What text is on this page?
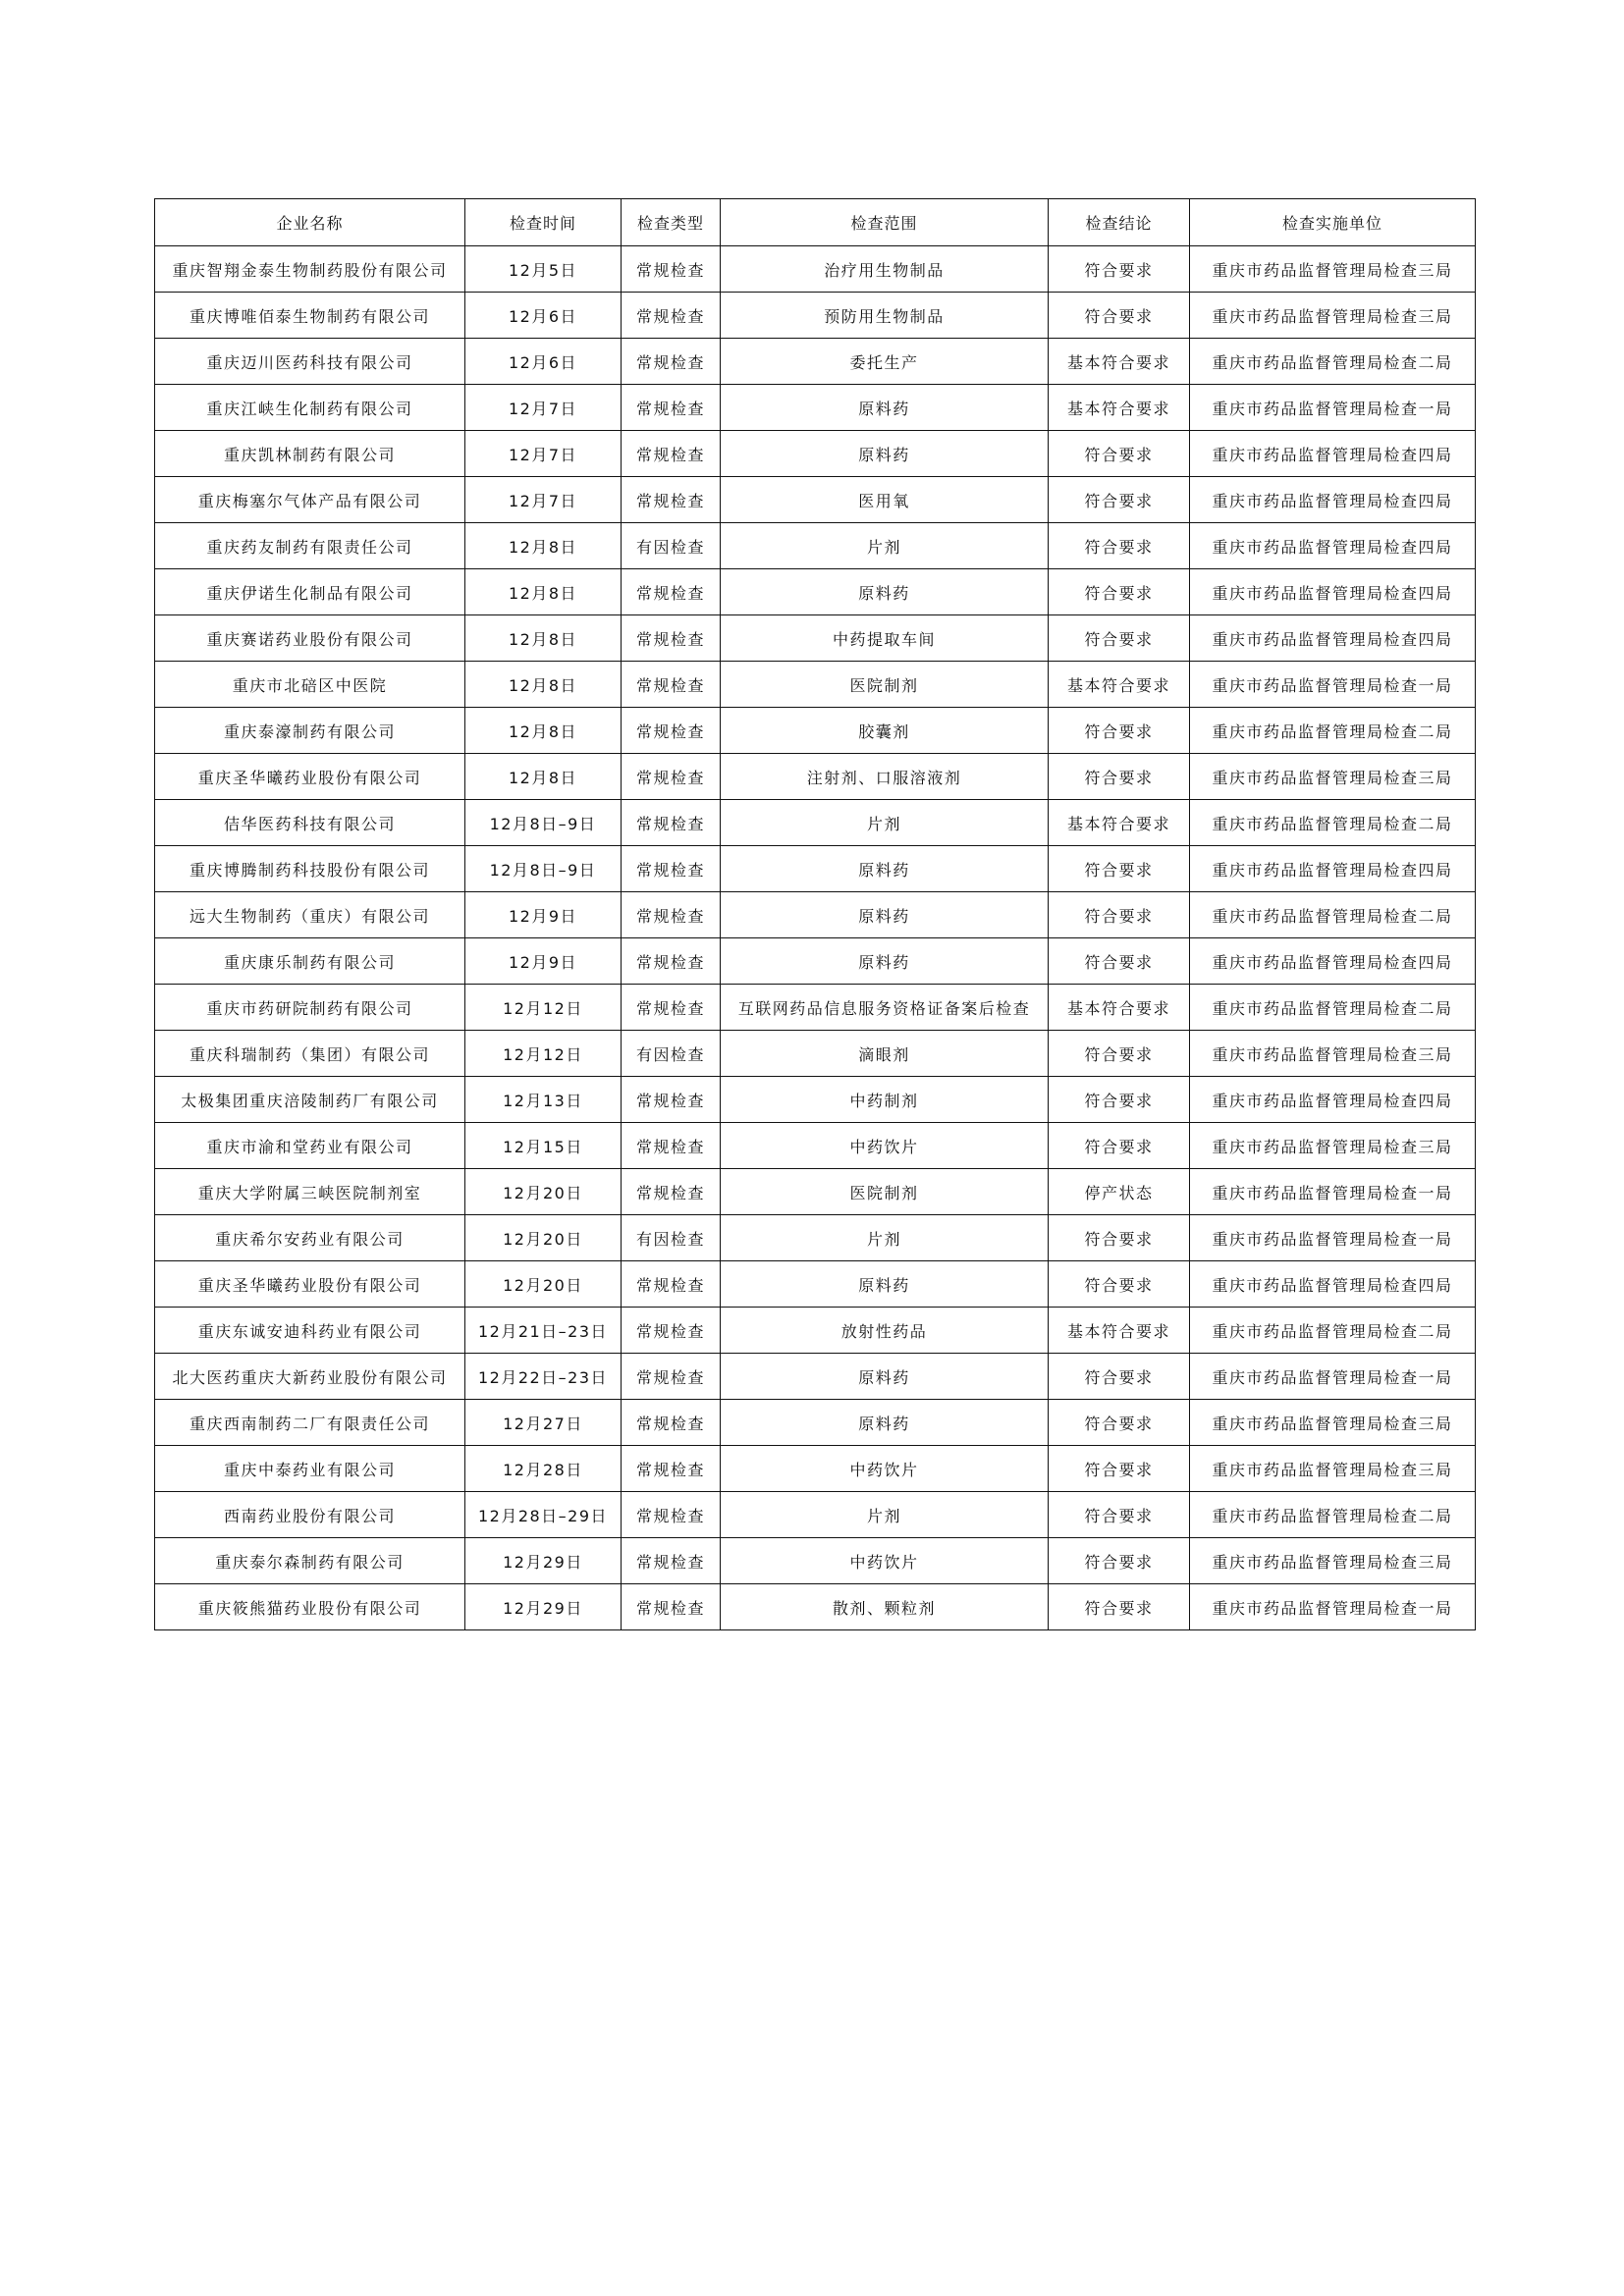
企业名称	检查时间	检查类型	检查范围	检查结论	检查实施单位
重庆智翔金泰生物制药股份有限公司	12月5日	常规检查	治疗用生物制品	符合要求	重庆市药品监督管理局检查三局
重庆博唯佰泰生物制药有限公司	12月6日	常规检查	预防用生物制品	符合要求	重庆市药品监督管理局检查三局
重庆迈川医药科技有限公司	12月6日	常规检查	委托生产	基本符合要求	重庆市药品监督管理局检查二局
重庆江峡生化制药有限公司	12月7日	常规检查	原料药	基本符合要求	重庆市药品监督管理局检查一局
重庆凯林制药有限公司	12月7日	常规检查	原料药	符合要求	重庆市药品监督管理局检查四局
重庆梅塞尔气体产品有限公司	12月7日	常规检查	医用氧	符合要求	重庆市药品监督管理局检查四局
重庆药友制药有限责任公司	12月8日	有因检查	片剂	符合要求	重庆市药品监督管理局检查四局
重庆伊诺生化制品有限公司	12月8日	常规检查	原料药	符合要求	重庆市药品监督管理局检查四局
重庆赛诺药业股份有限公司	12月8日	常规检查	中药提取车间	符合要求	重庆市药品监督管理局检查四局
重庆市北碚区中医院	12月8日	常规检查	医院制剂	基本符合要求	重庆市药品监督管理局检查一局
重庆泰濠制药有限公司	12月8日	常规检查	胶囊剂	符合要求	重庆市药品监督管理局检查二局
重庆圣华曦药业股份有限公司	12月8日	常规检查	注射剂、口服溶液剂	符合要求	重庆市药品监督管理局检查三局
佶华医药科技有限公司	12月8日–9日	常规检查	片剂	基本符合要求	重庆市药品监督管理局检查二局
重庆博腾制药科技股份有限公司	12月8日–9日	常规检查	原料药	符合要求	重庆市药品监督管理局检查四局
远大生物制药（重庆）有限公司	12月9日	常规检查	原料药	符合要求	重庆市药品监督管理局检查二局
重庆康乐制药有限公司	12月9日	常规检查	原料药	符合要求	重庆市药品监督管理局检查四局
重庆市药研院制药有限公司	12月12日	常规检查	互联网药品信息服务资格证备案后检查	基本符合要求	重庆市药品监督管理局检查二局
重庆科瑞制药（集团）有限公司	12月12日	有因检查	滴眼剂	符合要求	重庆市药品监督管理局检查三局
太极集团重庆涪陵制药厂有限公司	12月13日	常规检查	中药制剂	符合要求	重庆市药品监督管理局检查四局
重庆市渝和堂药业有限公司	12月15日	常规检查	中药饮片	符合要求	重庆市药品监督管理局检查三局
重庆大学附属三峡医院制剂室	12月20日	常规检查	医院制剂	停产状态	重庆市药品监督管理局检查一局
重庆希尔安药业有限公司	12月20日	有因检查	片剂	符合要求	重庆市药品监督管理局检查一局
重庆圣华曦药业股份有限公司	12月20日	常规检查	原料药	符合要求	重庆市药品监督管理局检查四局
重庆东诚安迪科药业有限公司	12月21日–23日	常规检查	放射性药品	基本符合要求	重庆市药品监督管理局检查二局
北大医药重庆大新药业股份有限公司	12月22日–23日	常规检查	原料药	符合要求	重庆市药品监督管理局检查一局
重庆西南制药二厂有限责任公司	12月27日	常规检查	原料药	符合要求	重庆市药品监督管理局检查三局
重庆中泰药业有限公司	12月28日	常规检查	中药饮片	符合要求	重庆市药品监督管理局检查三局
西南药业股份有限公司	12月28日–29日	常规检查	片剂	符合要求	重庆市药品监督管理局检查二局
重庆泰尔森制药有限公司	12月29日	常规检查	中药饮片	符合要求	重庆市药品监督管理局检查三局
重庆筱熊猫药业股份有限公司	12月29日	常规检查	散剂、颗粒剂	符合要求	重庆市药品监督管理局检查一局
